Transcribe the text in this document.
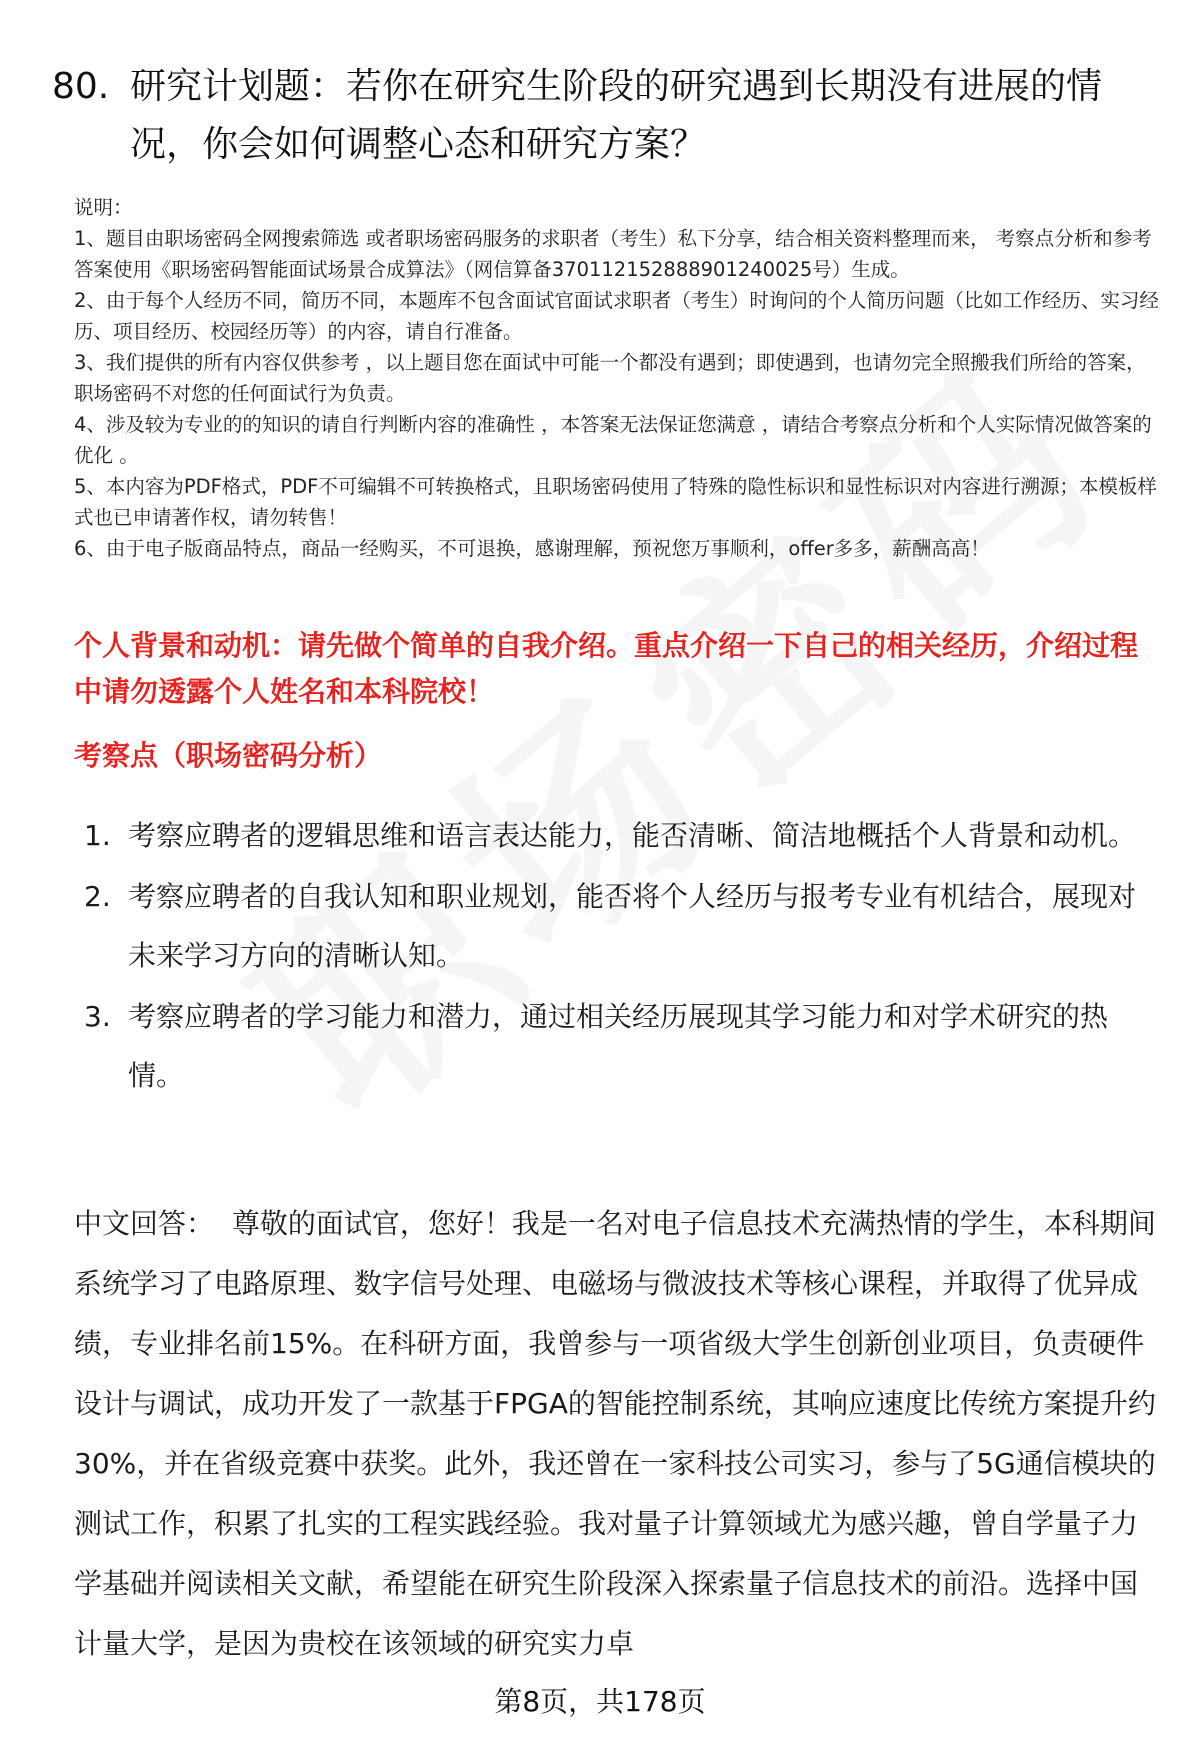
80. 研究计划题：若你在研究生阶段的研究遇到长期没有进展的情况，你会如何调整心态和研究方案？
说明：
1、题目由职场密码全网搜索筛选 或者职场密码服务的求职者（考生）私下分享，结合相关资料整理而来， 考察点分析和参考答案使用《职场密码智能面试场景合成算法》（网信算备370112152888901240025号）生成。
2、由于每个人经历不同，简历不同，本题库不包含面试官面试求职者（考生）时询问的个人简历问题（比如工作经历、实习经历、项目经历、校园经历等）的内容，请自行准备。
3、我们提供的所有内容仅供参考 ，以上题目您在面试中可能一个都没有遇到；即使遇到，也请勿完全照搬我们所给的答案，职场密码不对您的任何面试行为负责。
4、涉及较为专业的的知识的请自行判断内容的准确性 ，本答案无法保证您满意 ，请结合考察点分析和个人实际情况做答案的优化 。
5、本内容为PDF格式，PDF不可编辑不可转换格式，且职场密码使用了特殊的隐性标识和显性标识对内容进行溯源；本模板样式也已申请著作权，请勿转售！
6、由于电子版商品特点，商品一经购买，不可退换，感谢理解，预祝您万事顺利，offer多多，薪酬高高！
个人背景和动机：请先做个简单的自我介绍。重点介绍一下自己的相关经历，介绍过程中请勿透露个人姓名和本科院校！
考察点（职场密码分析）
1. 考察应聘者的逻辑思维和语言表达能力，能否清晰、简洁地概括个人背景和动机。
2. 考察应聘者的自我认知和职业规划，能否将个人经历与报考专业有机结合，展现对未来学习方向的清晰认知。
3. 考察应聘者的学习能力和潜力，通过相关经历展现其学习能力和对学术研究的热情。
中文回答： 尊敬的面试官，您好！我是一名对电子信息技术充满热情的学生，本科期间系统学习了电路原理、数字信号处理、电磁场与微波技术等核心课程，并取得了优异成绩，专业排名前15%。在科研方面，我曾参与一项省级大学生创新创业项目，负责硬件设计与调试，成功开发了一款基于FPGA的智能控制系统，其响应速度比传统方案提升约30%，并在省级竞赛中获奖。此外，我还曾在一家科技公司实习，参与了5G通信模块的测试工作，积累了扎实的工程实践经验。我对量子计算领域尤为感兴趣，曾自学量子力学基础并阅读相关文献，希望能在研究生阶段深入探索量子信息技术的前沿。选择中国计量大学，是因为贵校在该领域的研究实力卓
第8页，共178页
